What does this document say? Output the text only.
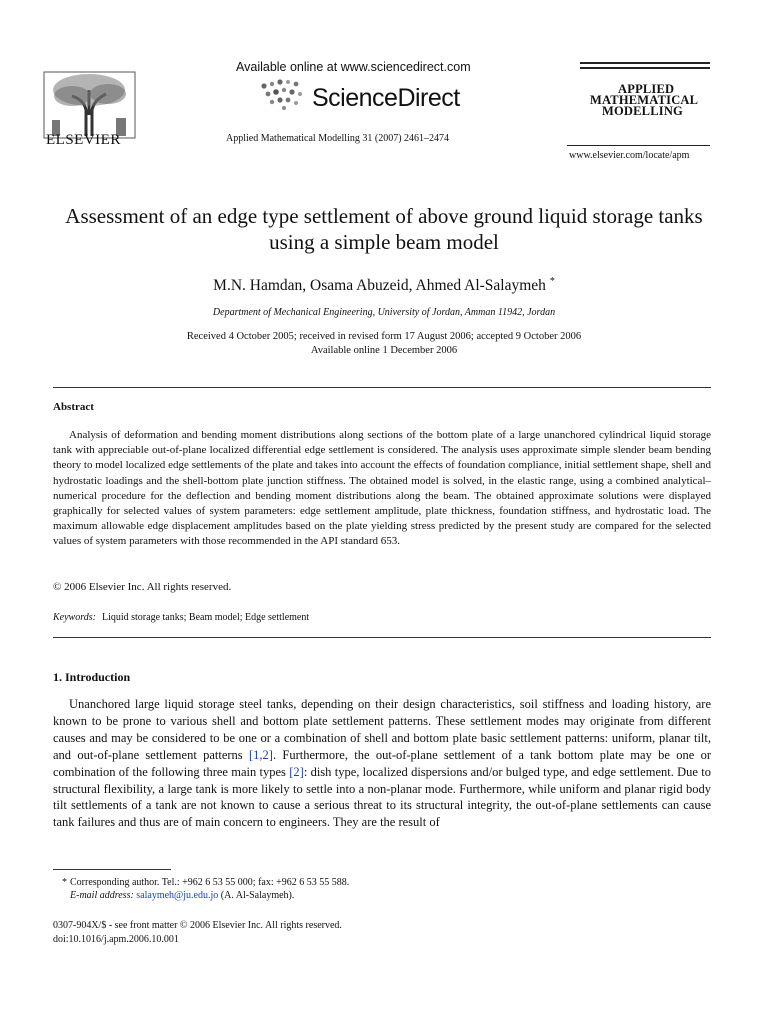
ELSEVIER
Available online at www.sciencedirect.com
ScienceDirect
Applied Mathematical Modelling 31 (2007) 2461–2474
APPLIED
MATHEMATICAL
MODELLING
www.elsevier.com/locate/apm
Assessment of an edge type settlement of above ground liquid storage tanks using a simple beam model
M.N. Hamdan, Osama Abuzeid, Ahmed Al-Salaymeh *
Department of Mechanical Engineering, University of Jordan, Amman 11942, Jordan
Received 4 October 2005; received in revised form 17 August 2006; accepted 9 October 2006
Available online 1 December 2006
Abstract

Analysis of deformation and bending moment distributions along sections of the bottom plate of a large unanchored cylindrical liquid storage tank with appreciable out-of-plane localized differential edge settlement is considered. The analysis uses approximate simple slender beam bending theory to model localized edge settlements of the plate and takes into account the effects of foundation compliance, initial settlement shape, shell and hydrostatic loadings and the shell-bottom plate junction stiffness. The obtained model is solved, in the elastic range, using a combined analytical–numerical procedure for the deflection and bending moment distributions along the beam. The obtained approximate solutions were displayed graphically for selected values of system parameters: edge settlement amplitude, plate thickness, foundation stiffness, and hydrostatic load. The maximum allowable edge displacement amplitudes based on the plate yielding stress predicted by the present study are compared for the selected values of system parameters with those recommended in the API standard 653.

© 2006 Elsevier Inc. All rights reserved.
Keywords: Liquid storage tanks; Beam model; Edge settlement
1. Introduction

Unanchored large liquid storage steel tanks, depending on their design characteristics, soil stiffness and loading history, are known to be prone to various shell and bottom plate settlement patterns. These settlement modes may originate from different causes and may be considered to be one or a combination of shell and bottom plate basic settlement patterns: uniform, planar tilt, and out-of-plane settlement patterns [1,2]. Furthermore, the out-of-plane settlement of a tank bottom plate may be one or combination of the following three main types [2]: dish type, localized dispersions and/or bulged type, and edge settlement. Due to structural flexibility, a large tank is more likely to settle into a non-planar mode. Furthermore, while uniform and planar rigid body tilt settlements of a tank are not known to cause a serious threat to its structural integrity, the out-of-plane settlements can cause tank failures and thus are of main concern to engineers. They are the result of

* Corresponding author. Tel.: +962 6 53 55 000; fax: +962 6 53 55 588.
E-mail address: salaymeh@ju.edu.jo (A. Al-Salaymeh).
0307-904X/$ - see front matter © 2006 Elsevier Inc. All rights reserved.
doi:10.1016/j.apm.2006.10.001
